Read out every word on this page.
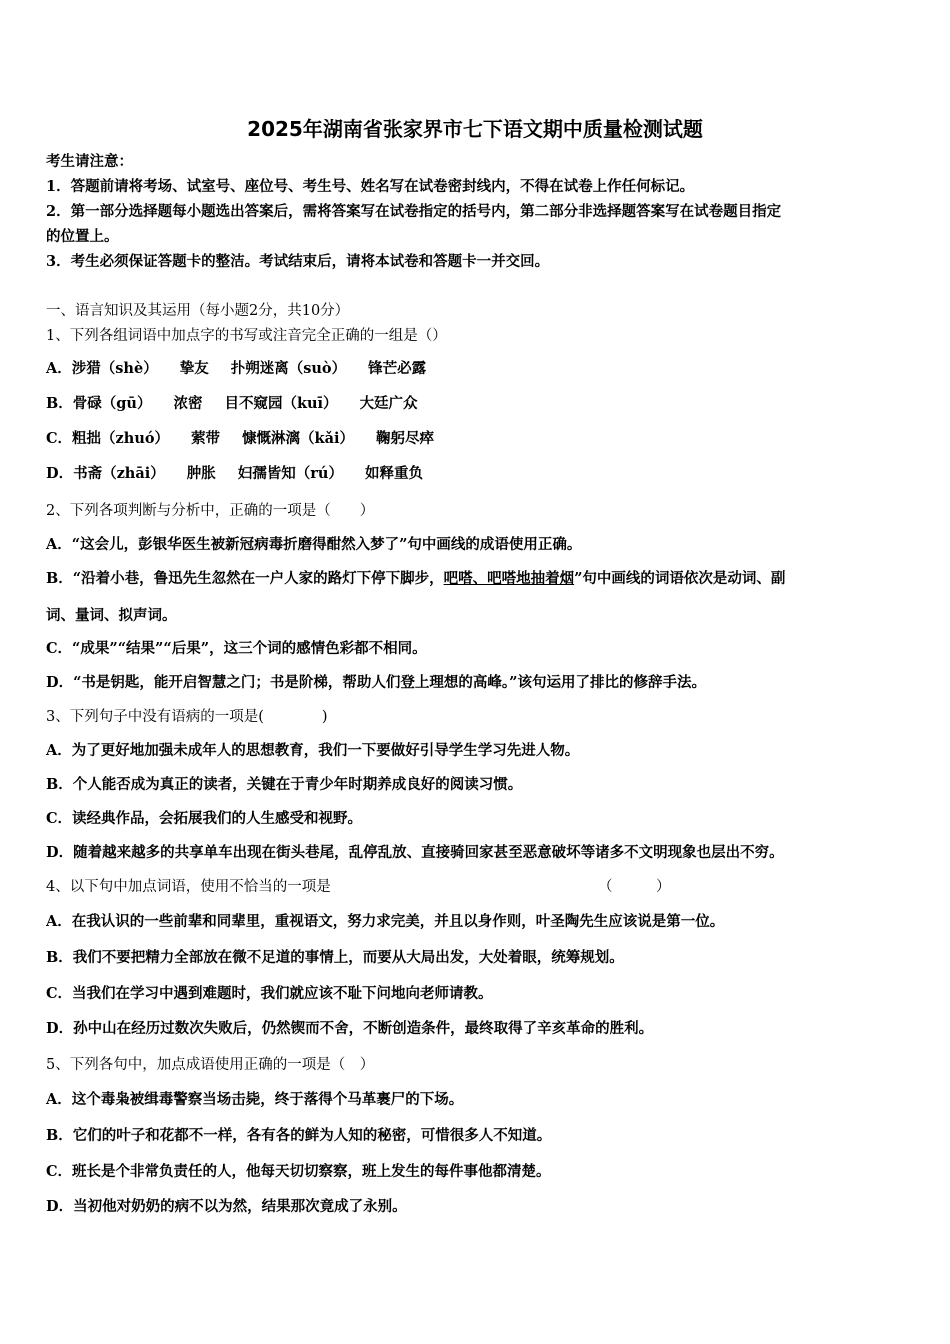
2025年湖南省张家界市七下语文期中质量检测试题
考生请注意：
1．答题前请将考场、试室号、座位号、考生号、姓名写在试卷密封线内，不得在试卷上作任何标记。
2．第一部分选择题每小题选出答案后，需将答案写在试卷指定的括号内，第二部分非选择题答案写在试卷题目指定
的位置上。
3．考生必须保证答题卡的整洁。考试结束后，请将本试卷和答题卡一并交回。
一、语言知识及其运用（每小题2分，共10分）
1、下列各组词语中加点字的书写或注音完全正确的一组是（）
A．涉猎（shè） 挚友 扑朔迷离（suò） 锋芒必露
B．骨碌（gū） 浓密 目不窥园（kuī） 大廷广众
C．粗拙（zhuó） 萦带 慷慨淋漓（kǎi） 鞠躬尽瘁
D．书斋（zhāi） 肿胀 妇孺皆知（rú） 如释重负
2、下列各项判断与分析中，正确的一项是（　　）
A．“这会儿，彭银华医生被新冠病毒折磨得酣然入梦了”句中画线的成语使用正确。
B．“沿着小巷，鲁迅先生忽然在一户人家的路灯下停下脚步，吧嗒、吧嗒地抽着烟”句中画线的词语依次是动词、副
词、量词、拟声词。
C．“成果”“结果”“后果”，这三个词的感情色彩都不相同。
D．“书是钥匙，能开启智慧之门；书是阶梯，帮助人们登上理想的高峰。”该句运用了排比的修辞手法。
3、下列句子中没有语病的一项是(　　　　)
A．为了更好地加强未成年人的思想教育，我们一下要做好引导学生学习先进人物。
B．个人能否成为真正的读者，关键在于青少年时期养成良好的阅读习惯。
C．读经典作品，会拓展我们的人生感受和视野。
D．随着越来越多的共享单车出现在街头巷尾，乱停乱放、直接骑回家甚至恶意破坏等诸多不文明现象也层出不穷。
4、以下句中加点词语，使用不恰当的一项是	（　　　）
A．在我认识的一些前辈和同辈里，重视语文，努力求完美，并且以身作则，叶圣陶先生应该说是第一位。
B．我们不要把精力全部放在微不足道的事情上，而要从大局出发，大处着眼，统筹规划。
C．当我们在学习中遇到难题时，我们就应该不耻下问地向老师请教。
D．孙中山在经历过数次失败后，仍然锲而不舍，不断创造条件，最终取得了辛亥革命的胜利。
5、下列各句中，加点成语使用正确的一项是（　）
A．这个毒枭被缉毒警察当场击毙，终于落得个马革裹尸的下场。
B．它们的叶子和花都不一样，各有各的鲜为人知的秘密，可惜很多人不知道。
C．班长是个非常负责任的人，他每天切切察察，班上发生的每件事他都清楚。
D．当初他对奶奶的病不以为然，结果那次竟成了永别。
